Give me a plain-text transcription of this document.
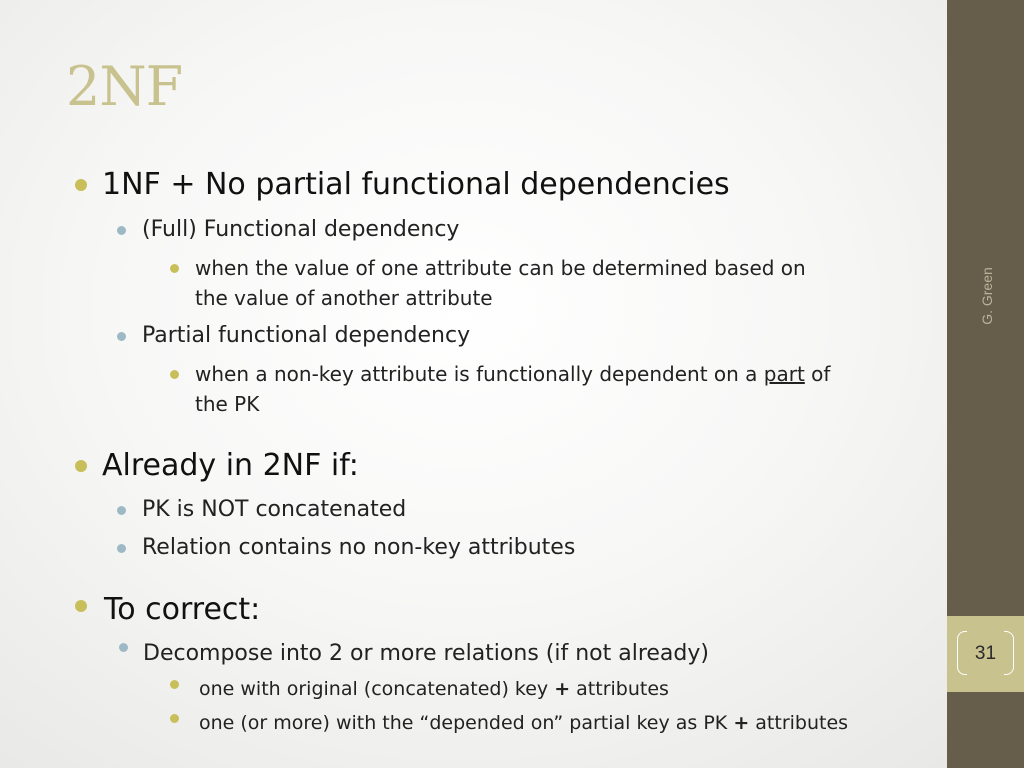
2NF
G. Green
31
1NF + No partial functional dependencies
(Full) Functional dependency
when the value of one attribute can be determined based on
the value of another attribute
Partial functional dependency
when a non-key attribute is functionally dependent on a part of
the PK
Already in 2NF if:
PK is NOT concatenated
Relation contains no non-key attributes
To correct:
Decompose into 2 or more relations (if not already)
one with original (concatenated) key + attributes
one (or more) with the “depended on” partial key as PK + attributes
